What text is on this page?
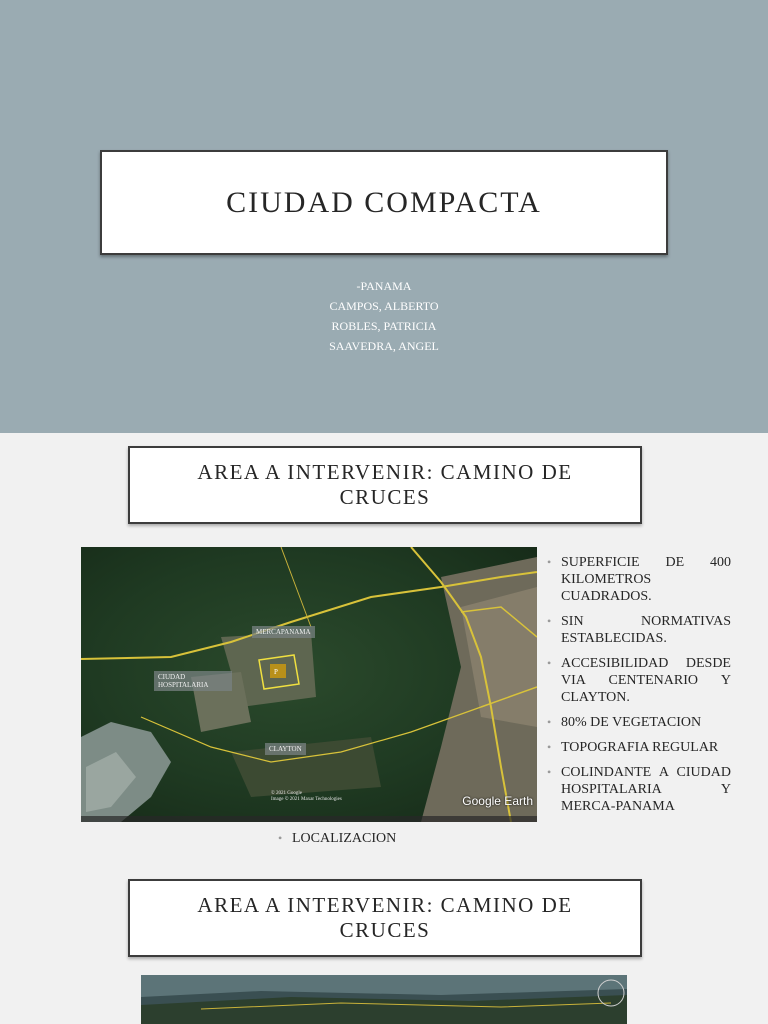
CIUDAD COMPACTA
-PANAMA
CAMPOS, ALBERTO
ROBLES, PATRICIA
SAAVEDRA, ANGEL
AREA A INTERVENIR: CAMINO DE CRUCES
MERCAPANAMA
CIUDAD HOSPITALARIA
CLAYTON
P
© 2021 Google
Image © 2021 Maxar Technologies	Google Earth
• SUPERFICIE DE 400 KILOMETROS CUADRADOS.
• SIN NORMATIVAS ESTABLECIDAS.
• ACCESIBILIDAD DESDE VIA CENTENARIO Y CLAYTON.
• 80% DE VEGETACION
• TOPOGRAFIA REGULAR
• COLINDANTE A CIUDAD HOSPITALARIA Y MERCA-PANAMA
• LOCALIZACION
AREA A INTERVENIR: CAMINO DE CRUCES
